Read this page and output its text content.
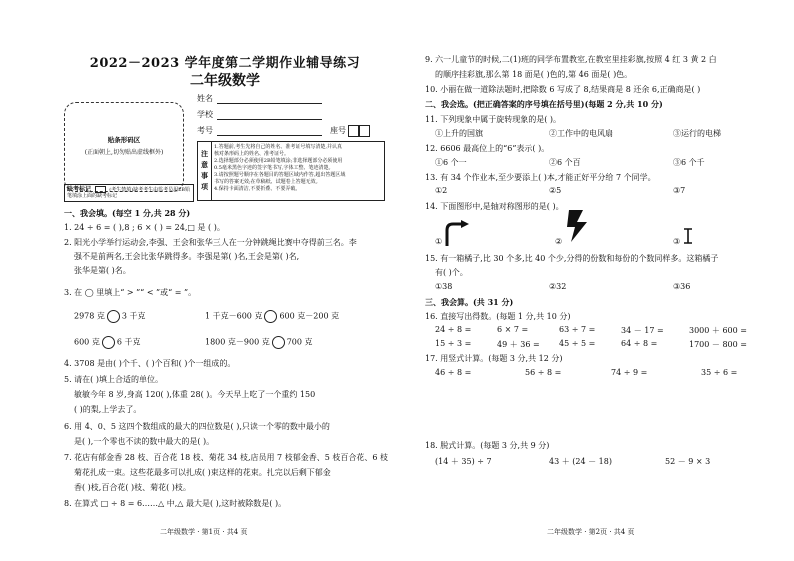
2022－2023 学年度第二学期作业辅导练习
二年级数学
贴条形码区
(正面朝上,切勿贴出虚线框外)
姓名
学校
考号	座号
注意事项
1.答题前,考生先将自己的姓名、准考证号填写清楚,并认真
核对条形码上的姓名、准考证号。
2.选择题部分必须使用2B铅笔填涂;非选择题部分必须使用
0.5毫米黑色字迹的签字笔书写,字体工整、笔迹清楚。
3.请按照题号顺序在各题目的答题区域内作答,超出答题区域
书写的答案无效;在草稿纸、试题卷上答题无效。
4.保持卡面清洁,不要折叠、不要弄破。
缺考标记	(考生禁填)缺考考生由监考员用2B铅笔填涂上面的缺考标记
一、我会填。(每空 1 分,共 28 分)
1. 24 ÷ 6 = ( ),8 ; 6 × ( ) = 24,□ 是 ( )。
2. 阳光小学举行运动会,李强、王会和张华三人在一分钟跳绳比赛中夺得前三名。李
强不是前两名,王会比张华跳得多。李强是第( )名,王会是第( )名,
张华是第( )名。
3. 在 ◯ 里填上“ > ”“ < ”或“ = ”。
2978 克 3 千克	1 千克－600 克 600 克－200 克
600 克 6 千克	1800 克－900 克 700 克
4. 3708 是由( )个千、( )个百和( )个一组成的。
5. 请在( )填上合适的单位。
敏敏今年 8 岁,身高 120( ),体重 28( )。今天早上吃了一个重约 150
( )的梨,上学去了。
6. 用 4、0、5 这四个数组成的最大的四位数是( ),只读一个零的数中最小的
是( ),一个零也不读的数中最大的是( )。
7. 花店有郁金香 28 枝、百合花 18 枝、菊花 34 枝,店员用 7 枝郁金香、5 枝百合花、6 枝
菊花扎成一束。这些花最多可以扎成( )束这样的花束。扎完以后剩下郁金
香( )枝,百合花( )枝、菊花( )枝。
8. 在算式 □ ÷ 8 = 6……△ 中,△ 最大是( ),这时被除数是( )。
二年级数学 · 第1页 · 共4 页
9. 六一儿童节的时候,二(1)班的同学布置教室,在教室里挂彩旗,按照 4 红 3 黄 2 白
的顺序挂彩旗,那么第 18 面是( )色的,第 46 面是( )色。
10. 小丽在做一道除法题时,把除数 6 写成了 8,结果商是 8 还余 6,正确商是( )
二、我会选。(把正确答案的序号填在括号里)(每题 2 分,共 10 分)
11. 下列现象中属于旋转现象的是( )。
①上升的国旗	②工作中的电风扇	③运行的电梯
12. 6606 最高位上的“6”表示( )。
①6 个一	②6 个百	③6 个千
13. 有 34 个作业本,至少要添上( )本,才能正好平分给 7 个同学。
①2	②5	③7
14. 下面图形中,是轴对称图形的是( )。
①	②	③
15. 有一箱橘子,比 30 个多,比 40 个少,分得的份数和每份的个数同样多。这箱橘子
有( )个。
①38	②32	③36
三、我会算。(共 31 分)
16. 直接写出得数。(每题 1 分,共 10 分)
24 ÷ 8 =	6 × 7 =	63 ÷ 7 =	34 － 17 =	3000 ＋ 600 =
15 ÷ 3 =	49 ＋ 36 = 45 ÷ 5 =	64 ÷ 8 =	1700 － 800 =
17. 用竖式计算。(每题 3 分,共 12 分)
46 ÷ 8 =	56 ÷ 8 =	74 ÷ 9 =	35 ÷ 6 =
18. 脱式计算。(每题 3 分,共 9 分)
(14 ＋ 35) ÷ 7	43 ＋ (24 － 18)	52 － 9 × 3
二年级数学 · 第2页 · 共4 页
